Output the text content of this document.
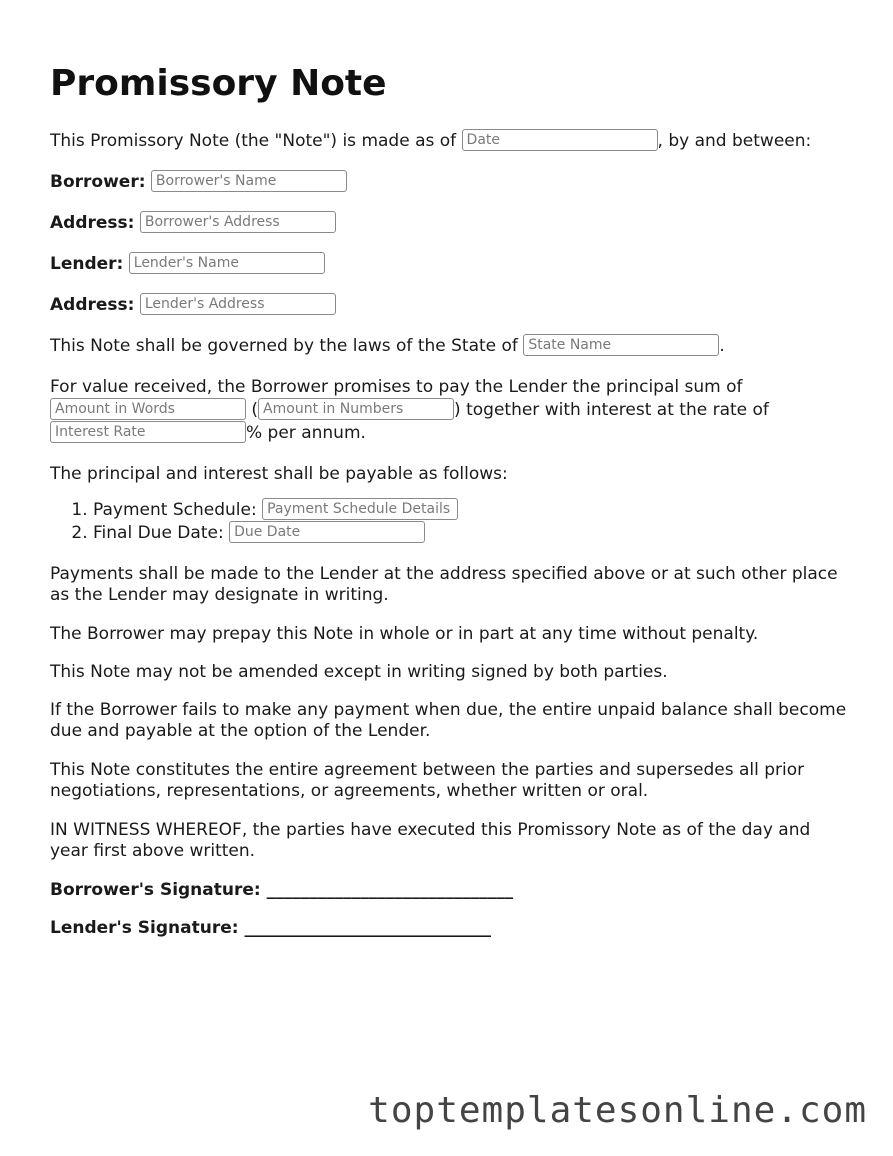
Promissory Note

This Promissory Note (the "Note") is made as of Date	, by and between:

Borrower: Borrower's Name

Address: Borrower's Address

Lender: Lender's Name

Address: Lender's Address

This Note shall be governed by the laws of the State of State Name	.

For value received, the Borrower promises to pay the Lender the principal sum of
Amount in Words	( Amount in Numbers	) together with interest at the rate of
Interest Rate	% per annum.

The principal and interest shall be payable as follows:

1. Payment Schedule: Payment Schedule Details
2. Final Due Date: Due Date

Payments shall be made to the Lender at the address specified above or at such other place as the Lender may designate in writing.

The Borrower may prepay this Note in whole or in part at any time without penalty.

This Note may not be amended except in writing signed by both parties.

If the Borrower fails to make any payment when due, the entire unpaid balance shall become due and payable at the option of the Lender.

This Note constitutes the entire agreement between the parties and supersedes all prior negotiations, representations, or agreements, whether written or oral.

IN WITNESS WHEREOF, the parties have executed this Promissory Note as of the day and year first above written.

Borrower's Signature: _____________________________
Lender's Signature: _____________________________
toptemplatesonline.com
